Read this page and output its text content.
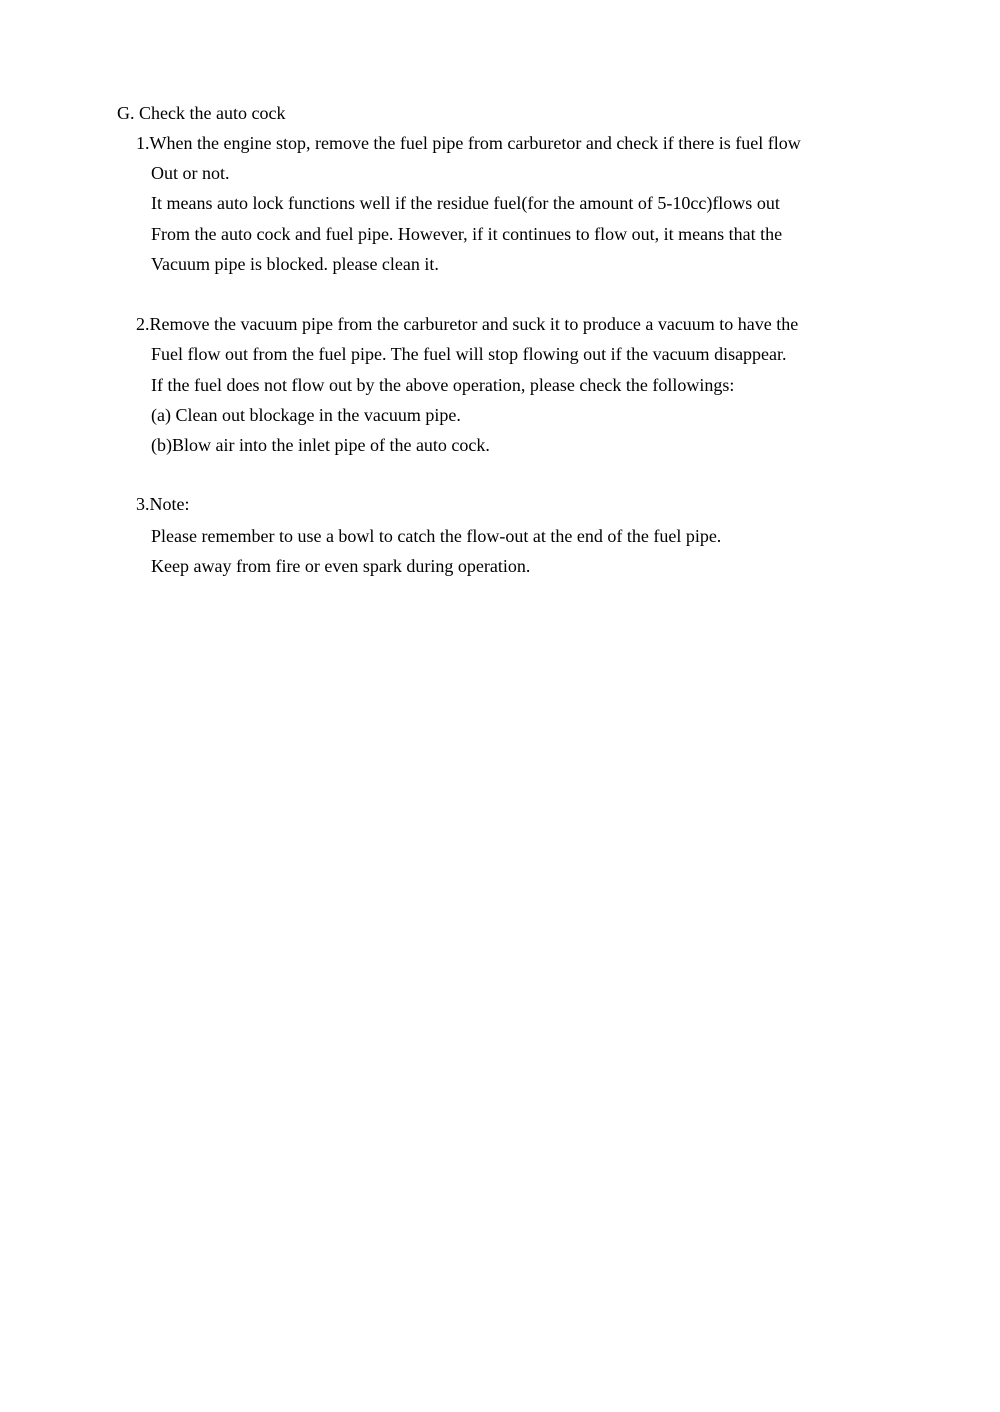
G. Check the auto cock
1.When the engine stop, remove the fuel pipe from carburetor and check if there is fuel flow
Out or not.
It means auto lock functions well if the residue fuel(for the amount of 5-10cc)flows out
From the auto cock and fuel pipe. However, if it continues to flow out, it means that the
Vacuum pipe is blocked. please clean it.
2.Remove the vacuum pipe from the carburetor and suck it to produce a vacuum to have the
Fuel flow out from the fuel pipe. The fuel will stop flowing out if the vacuum disappear.
If the fuel does not flow out by the above operation, please check the followings:
(a) Clean out blockage in the vacuum pipe.
(b)Blow air into the inlet pipe of the auto cock.
3.Note:
Please remember to use a bowl to catch the flow-out at the end of the fuel pipe.
Keep away from fire or even spark during operation.
